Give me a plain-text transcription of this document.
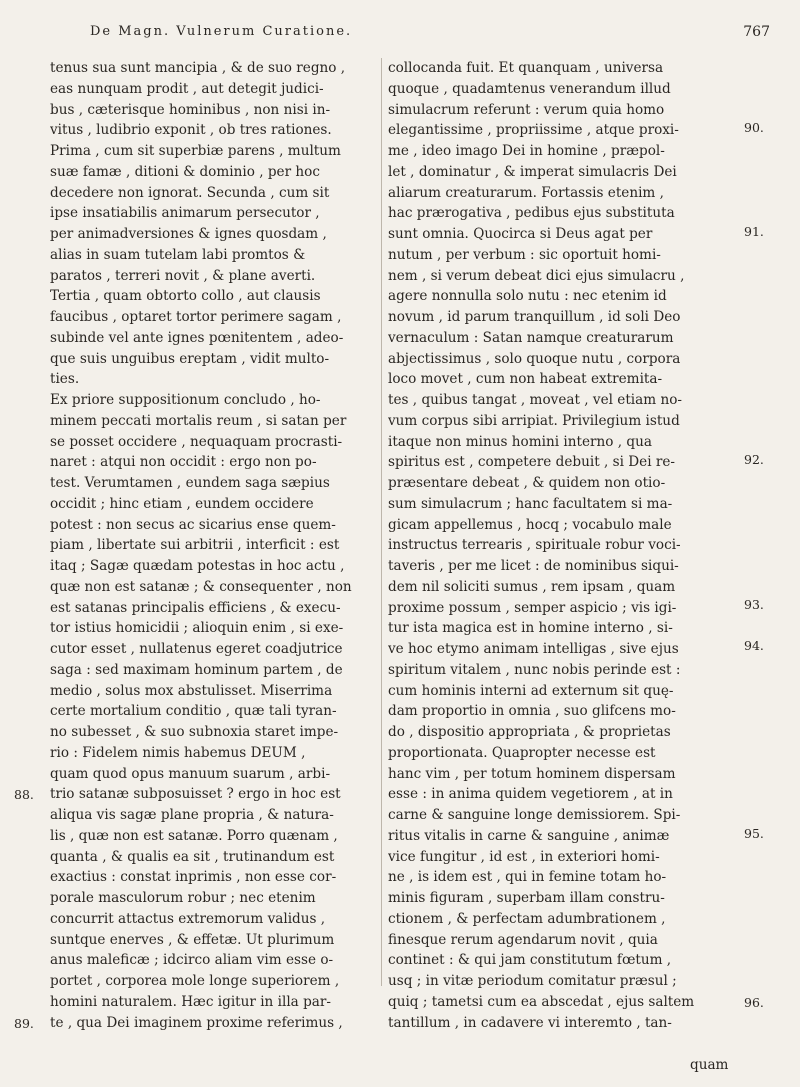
De Magn. Vulnerum Curatione.	767
tenus sua sunt mancipia , & de suo regno ,
eas nunquam prodit , aut detegit judici-
bus , cæterisque hominibus , non nisi in-
vitus , ludibrio exponit , ob tres rationes.
Prima , cum sit superbiæ parens , multum
suæ famæ , ditioni & dominio , per hoc
decedere non ignorat. Secunda , cum sit
ipse insatiabilis animarum persecutor ,
per animadversiones & ignes quosdam ,
alias in suam tutelam labi promtos &
paratos , terreri novit , & plane averti.
Tertia , quam obtorto collo , aut clausis
faucibus , optaret tortor perimere sagam ,
subinde vel ante ignes pœnitentem , adeo-
que suis unguibus ereptam , vidit multo-
ties.
Ex priore suppositionum concludo , ho-
minem peccati mortalis reum , si satan per
se posset occidere , nequaquam procrasti-
naret : atqui non occidit : ergo non po-
test. Verumtamen , eundem saga sæpius
occidit ; hinc etiam , eundem occidere
potest : non secus ac sicarius ense quem-
piam , libertate sui arbitrii , interficit : est
itaq ; Sagæ quædam potestas in hoc actu ,
quæ non est satanæ ; & consequenter , non
est satanas principalis efficiens , & execu-
tor istius homicidii ; alioquin enim , si exe-
cutor esset , nullatenus egeret coadjutrice
saga : sed maximam hominum partem , de
medio , solus mox abstulisset. Miserrima
certe mortalium conditio , quæ tali tyran-
no subesset , & suo subnoxia staret impe-
rio : Fidelem nimis habemus DEUM ,
quam quod opus manuum suarum , arbi-
trio satanæ subposuisset ? ergo in hoc est
aliqua vis sagæ plane propria , & natura-
lis , quæ non est satanæ. Porro quænam ,
quanta , & qualis ea sit , trutinandum est
exactius : constat inprimis , non esse cor-
porale masculorum robur ; nec etenim
concurrit attactus extremorum validus ,
suntque enerves , & effetæ. Ut plurimum
anus maleficæ ; idcirco aliam vim esse o-
portet , corporea mole longe superiorem ,
homini naturalem. Hæc igitur in illa par-
te , qua Dei imaginem proxime referimus ,
collocanda fuit. Et quanquam , universa
quoque , quadamtenus venerandum illud
simulacrum referunt : verum quia homo
elegantissime , propriissime , atque proxi-
me , ideo imago Dei in homine , præpol-
let , dominatur , & imperat simulacris Dei
aliarum creaturarum. Fortassis etenim ,
hac prærogativa , pedibus ejus substituta
sunt omnia. Quocirca si Deus agat per
nutum , per verbum : sic oportuit homi-
nem , si verum debeat dici ejus simulacru ,
agere nonnulla solo nutu : nec etenim id
novum , id parum tranquillum , id soli Deo
vernaculum : Satan namque creaturarum
abjectissimus , solo quoque nutu , corpora
loco movet , cum non habeat extremita-
tes , quibus tangat , moveat , vel etiam no-
vum corpus sibi arripiat. Privilegium istud
itaque non minus homini interno , qua
spiritus est , competere debuit , si Dei re-
præsentare debeat , & quidem non otio-
sum simulacrum ; hanc facultatem si ma-
gicam appellemus , hocq ; vocabulo male
instructus terrearis , spirituale robur voci-
taveris , per me licet : de nominibus siqui-
dem nil soliciti sumus , rem ipsam , quam
proxime possum , semper aspicio ; vis igi-
tur ista magica est in homine interno , si-
ve hoc etymo animam intelligas , sive ejus
spiritum vitalem , nunc nobis perinde est :
cum hominis interni ad externum sit quę-
dam proportio in omnia , suo glifcens mo-
do , dispositio appropriata , & proprietas
proportionata. Quapropter necesse est
hanc vim , per totum hominem dispersam
esse : in anima quidem vegetiorem , at in
carne & sanguine longe demissiorem. Spi-
ritus vitalis in carne & sanguine , animæ
vice fungitur , id est , in exteriori homi-
ne , is idem est , qui in femine totam ho-
minis figuram , superbam illam constru-
ctionem , & perfectam adumbrationem ,
finesque rerum agendarum novit , quia
continet : & qui jam constitutum fœtum ,
usq ; in vitæ periodum comitatur præsul ;
quiq ; tametsi cum ea abscedat , ejus saltem
tantillum , in cadavere vi interemto , tan-
88.
89.
90.
91.
92.
93.
94.
95.
96.
quam
